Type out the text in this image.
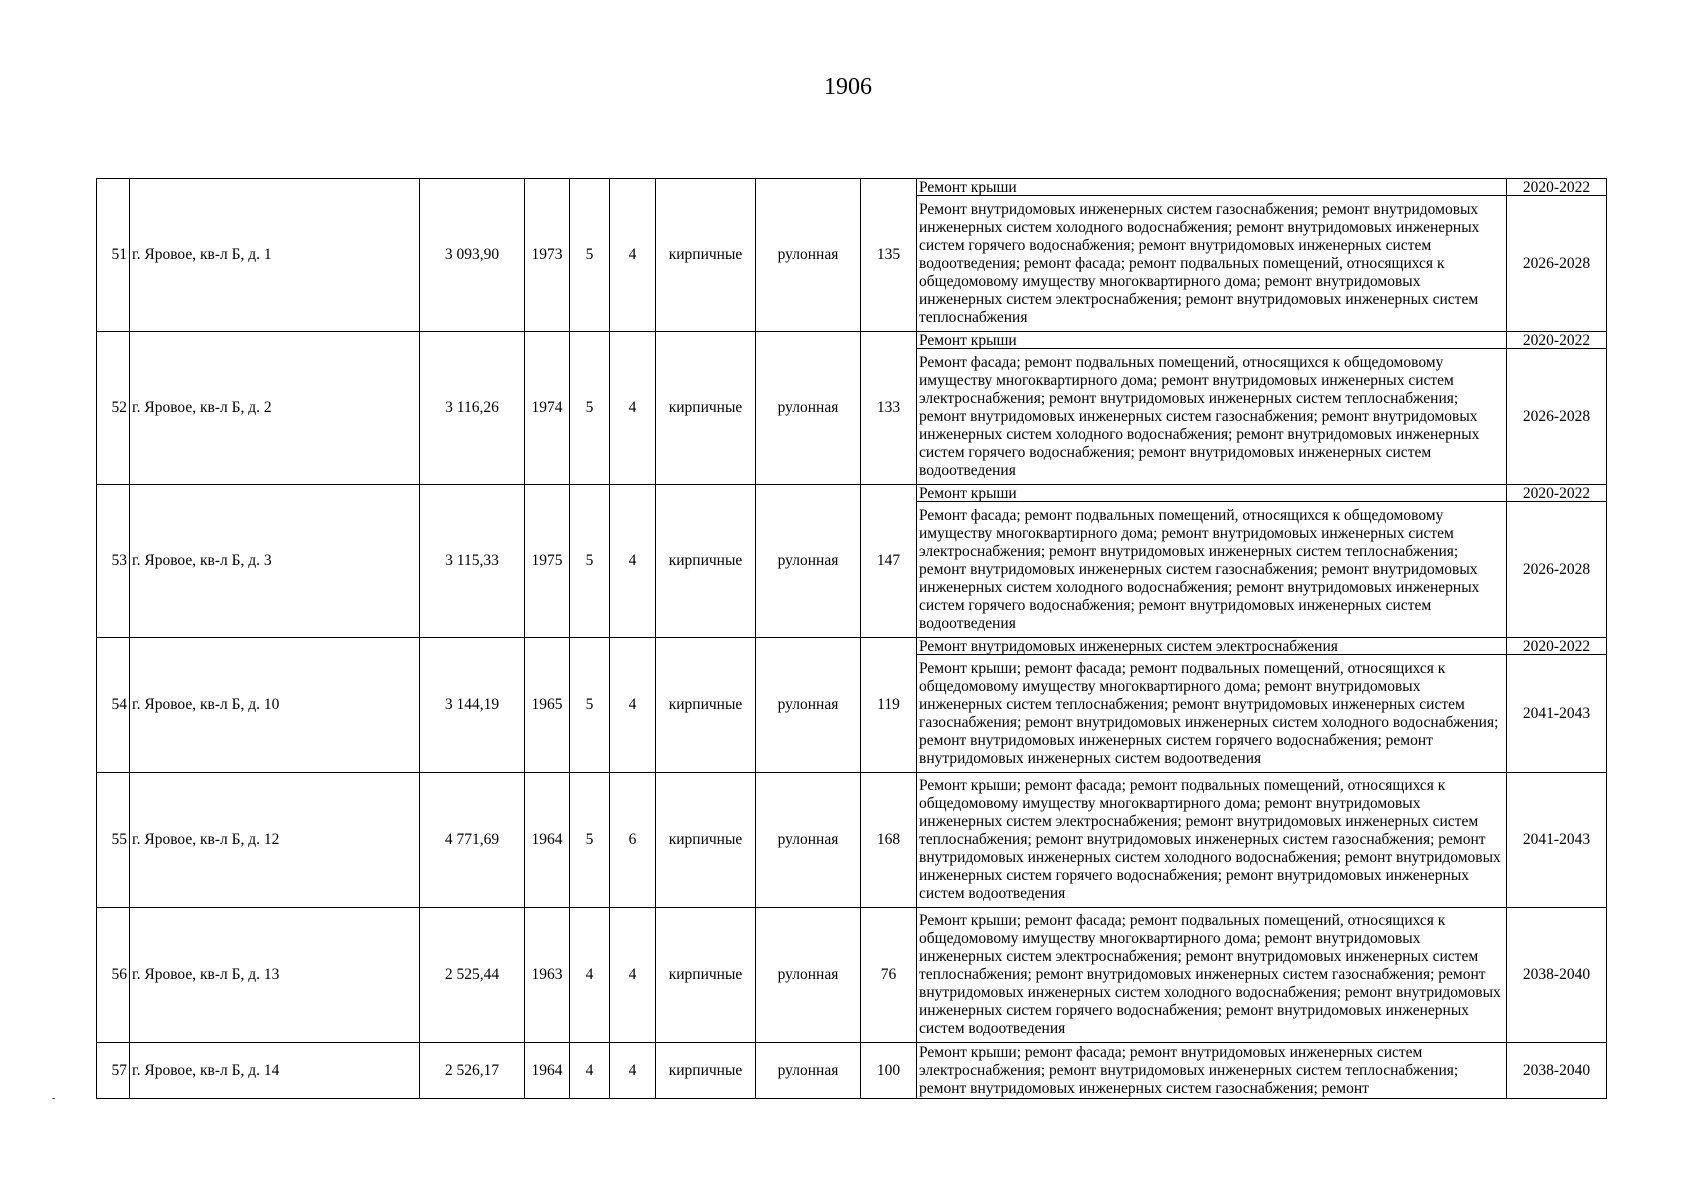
1906
51	г. Яровое, кв-л Б, д. 1	3 093,90	1973	5	4	кирпичные	рулонная	135	Ремонт крыши	2020-2022
									Ремонт внутридомовых инженерных систем газоснабжения; ремонт внутридомовых инженерных систем холодного водоснабжения; ремонт внутридомовых инженерных систем горячего водоснабжения; ремонт внутридомовых инженерных систем водоотведения; ремонт фасада; ремонт подвальных помещений, относящихся к общедомовому имуществу многоквартирного дома; ремонт внутридомовых инженерных систем электроснабжения; ремонт внутридомовых инженерных систем теплоснабжения	2026-2028
52	г. Яровое, кв-л Б, д. 2	3 116,26	1974	5	4	кирпичные	рулонная	133	Ремонт крыши	2020-2022
									Ремонт фасада; ремонт подвальных помещений, относящихся к общедомовому имуществу многоквартирного дома; ремонт внутридомовых инженерных систем электроснабжения; ремонт внутридомовых инженерных систем теплоснабжения; ремонт внутридомовых инженерных систем газоснабжения; ремонт внутридомовых инженерных систем холодного водоснабжения; ремонт внутридомовых инженерных систем горячего водоснабжения; ремонт внутридомовых инженерных систем водоотведения	2026-2028
53	г. Яровое, кв-л Б, д. 3	3 115,33	1975	5	4	кирпичные	рулонная	147	Ремонт крыши	2020-2022
									Ремонт фасада; ремонт подвальных помещений, относящихся к общедомовому имуществу многоквартирного дома; ремонт внутридомовых инженерных систем электроснабжения; ремонт внутридомовых инженерных систем теплоснабжения; ремонт внутридомовых инженерных систем газоснабжения; ремонт внутридомовых инженерных систем холодного водоснабжения; ремонт внутридомовых инженерных систем горячего водоснабжения; ремонт внутридомовых инженерных систем водоотведения	2026-2028
54	г. Яровое, кв-л Б, д. 10	3 144,19	1965	5	4	кирпичные	рулонная	119	Ремонт внутридомовых инженерных систем электроснабжения	2020-2022
									Ремонт крыши; ремонт фасада; ремонт подвальных помещений, относящихся к общедомовому имуществу многоквартирного дома; ремонт внутридомовых инженерных систем теплоснабжения; ремонт внутридомовых инженерных систем газоснабжения; ремонт внутридомовых инженерных систем холодного водоснабжения; ремонт внутридомовых инженерных систем горячего водоснабжения; ремонт внутридомовых инженерных систем водоотведения	2041-2043
55	г. Яровое, кв-л Б, д. 12	4 771,69	1964	5	6	кирпичные	рулонная	168	Ремонт крыши; ремонт фасада; ремонт подвальных помещений, относящихся к общедомовому имуществу многоквартирного дома; ремонт внутридомовых инженерных систем электроснабжения; ремонт внутридомовых инженерных систем теплоснабжения; ремонт внутридомовых инженерных систем газоснабжения; ремонт внутридомовых инженерных систем холодного водоснабжения; ремонт внутридомовых инженерных систем горячего водоснабжения; ремонт внутридомовых инженерных систем водоотведения	2041-2043
56	г. Яровое, кв-л Б, д. 13	2 525,44	1963	4	4	кирпичные	рулонная	76	Ремонт крыши; ремонт фасада; ремонт подвальных помещений, относящихся к общедомовому имуществу многоквартирного дома; ремонт внутридомовых инженерных систем электроснабжения; ремонт внутридомовых инженерных систем теплоснабжения; ремонт внутридомовых инженерных систем газоснабжения; ремонт внутридомовых инженерных систем холодного водоснабжения; ремонт внутридомовых инженерных систем горячего водоснабжения; ремонт внутридомовых инженерных систем водоотведения	2038-2040
57	г. Яровое, кв-л Б, д. 14	2 526,17	1964	4	4	кирпичные	рулонная	100	Ремонт крыши; ремонт фасада; ремонт внутридомовых инженерных систем электроснабжения; ремонт внутридомовых инженерных систем теплоснабжения; ремонт внутридомовых инженерных систем газоснабжения; ремонт	2038-2040
-
